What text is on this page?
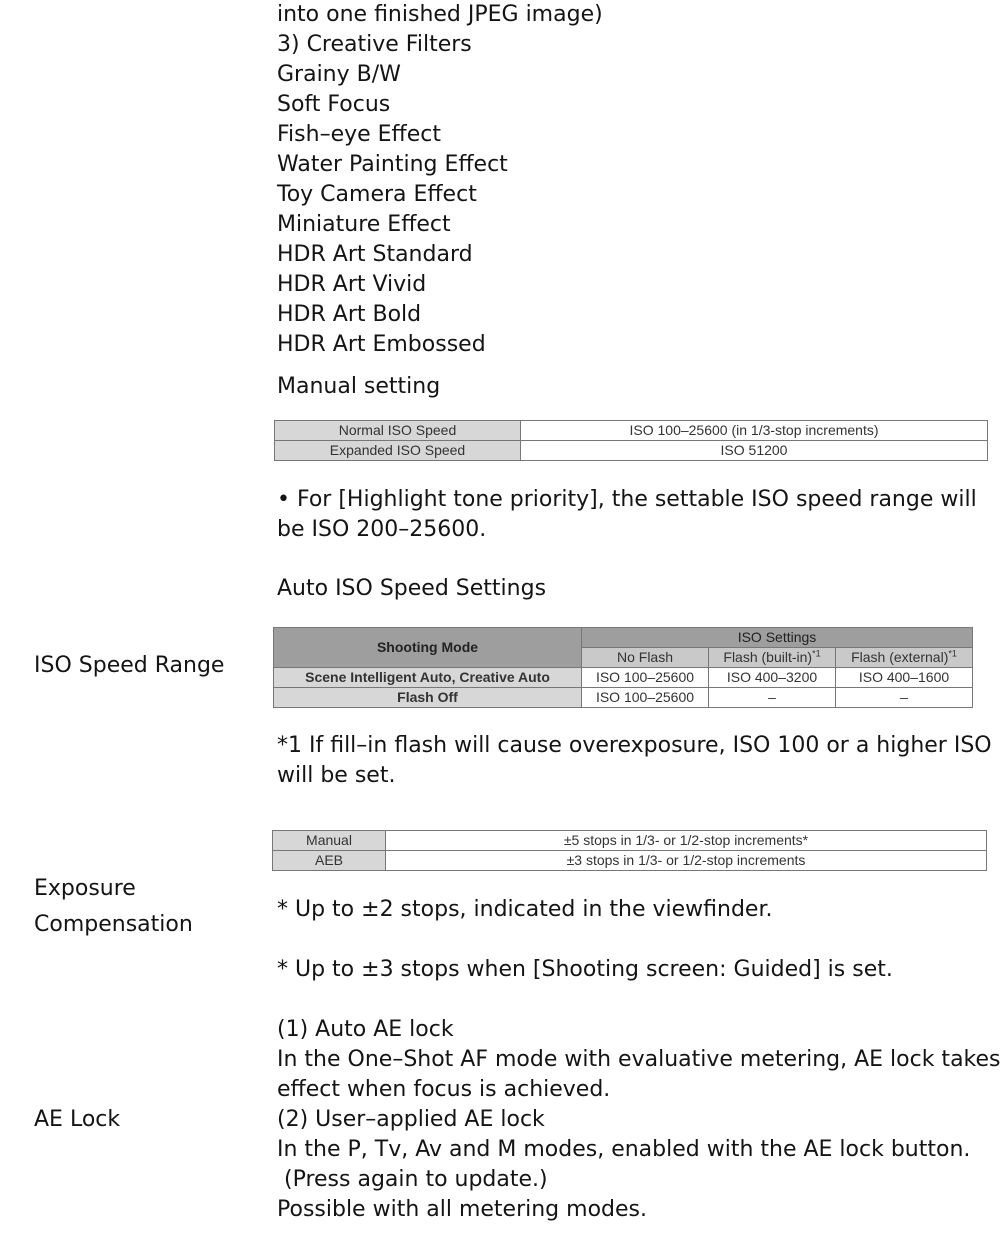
into one finished JPEG image)
3) Creative Filters
Grainy B/W
Soft Focus
Fish–eye Effect
Water Painting Effect
Toy Camera Effect
Miniature Effect
HDR Art Standard
HDR Art Vivid
HDR Art Bold
HDR Art Embossed
Manual setting
Normal ISO Speed	ISO 100–25600 (in 1/3-stop increments)
Expanded ISO Speed	ISO 51200
• For [Highlight tone priority], the settable ISO speed range will
be ISO 200–25600.
Auto ISO Speed Settings
ISO Speed Range
Shooting Mode	ISO Settings		
	No Flash	Flash (built-in)$^{*1}$	Flash (external)$^{*1}$
Scene Intelligent Auto, Creative Auto	ISO 100–25600	ISO 400–3200	ISO 400–1600
Flash Off	ISO 100–25600	–	–
*1 If fill–in flash will cause overexposure, ISO 100 or a higher ISO
will be set.
Manual	±5 stops in 1/3- or 1/2-stop increments*
AEB	±3 stops in 1/3- or 1/2-stop increments
Exposure
Compensation
* Up to ±2 stops, indicated in the viewfinder.
* Up to ±3 stops when [Shooting screen: Guided] is set.
AE Lock
(1) Auto AE lock
In the One–Shot AF mode with evaluative metering, AE lock takes
effect when focus is achieved.
(2) User–applied AE lock
In the P, Tv, Av and M modes, enabled with the AE lock button.
(Press again to update.)
Possible with all metering modes.
